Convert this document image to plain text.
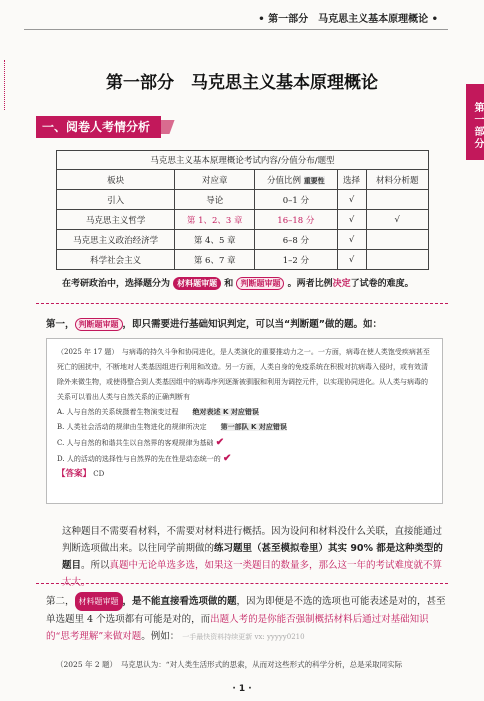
• 第一部分　马克思主义基本原理概论 •
第一部分
第一部分　马克思主义基本原理概论
一、阅卷人考情分析
马克思主义基本原理概论考试内容/分值分布/题型				
板块	对应章	分值比例 重要性	选择	材料分析题
引入	导论	0–1 分	√	
马克思主义哲学	第 1、2、3 章	16–18 分	√	√
马克思主义政治经济学	第 4、5 章	6–8 分	√	
科学社会主义	第 6、7 章	1–2 分	√	
在考研政治中，选择题分为 材料题审题 和 判断题审题 。两者比例决定了试卷的难度。
第一， 判断题审题 ，即只需要进行基础知识判定，可以当“判断题”做的题。如：
（2025 年 17 题）　与病毒的持久斗争和协同进化，是人类演化的重要推动力之一。一方面，病毒在使人类饱受疾病甚至死亡的困扰中，不断地对人类基因组进行利用和改造。另一方面，人类自身的免疫系统在积极对抗病毒入侵时，或有效清除外来微生物，或使得整合到人类基因组中的病毒序列逐渐被驯服和利用为调控元件，以实现协同进化。从人类与病毒的关系可以看出人类与自然关系的正确判断有
A. 人与自然的关系统摄着生物演变过程 绝对表述 K 对应错误
B. 人类社会活动的规律由生物进化的规律所决定 第一部队 K 对应错误
C. 人与自然的和谐共生以自然界的客观规律为基础 ✔
D. 人的活动的选择性与自然界的先在性是动态统一的 ✔
【答案】 CD
这种题目不需要看材料，不需要对材料进行概括。因为设问和材料没什么关联，直接能通过判断选项做出来。以往同学前期做的练习题里（甚至模拟卷里）其实 90% 都是这种类型的题目。所以真题中无论单选多选，如果这一类题目的数量多，那么这一年的考试难度就不算太大。
第二， 材料题审题 ，是不能直接看选项做的题，因为即便是不选的选项也可能表述是对的，甚至单选题里 4 个选项都有可能是对的，而出题人考的是你能否强制概括材料后通过对基础知识的“思考理解”来做对题。例如： 一手最快资料持续更新 vx: yyyyy0210
（2025 年 2 题）　马克思认为：“对人类生活形式的思索，从而对这些形式的科学分析，总是采取同实际
· 1 ·
